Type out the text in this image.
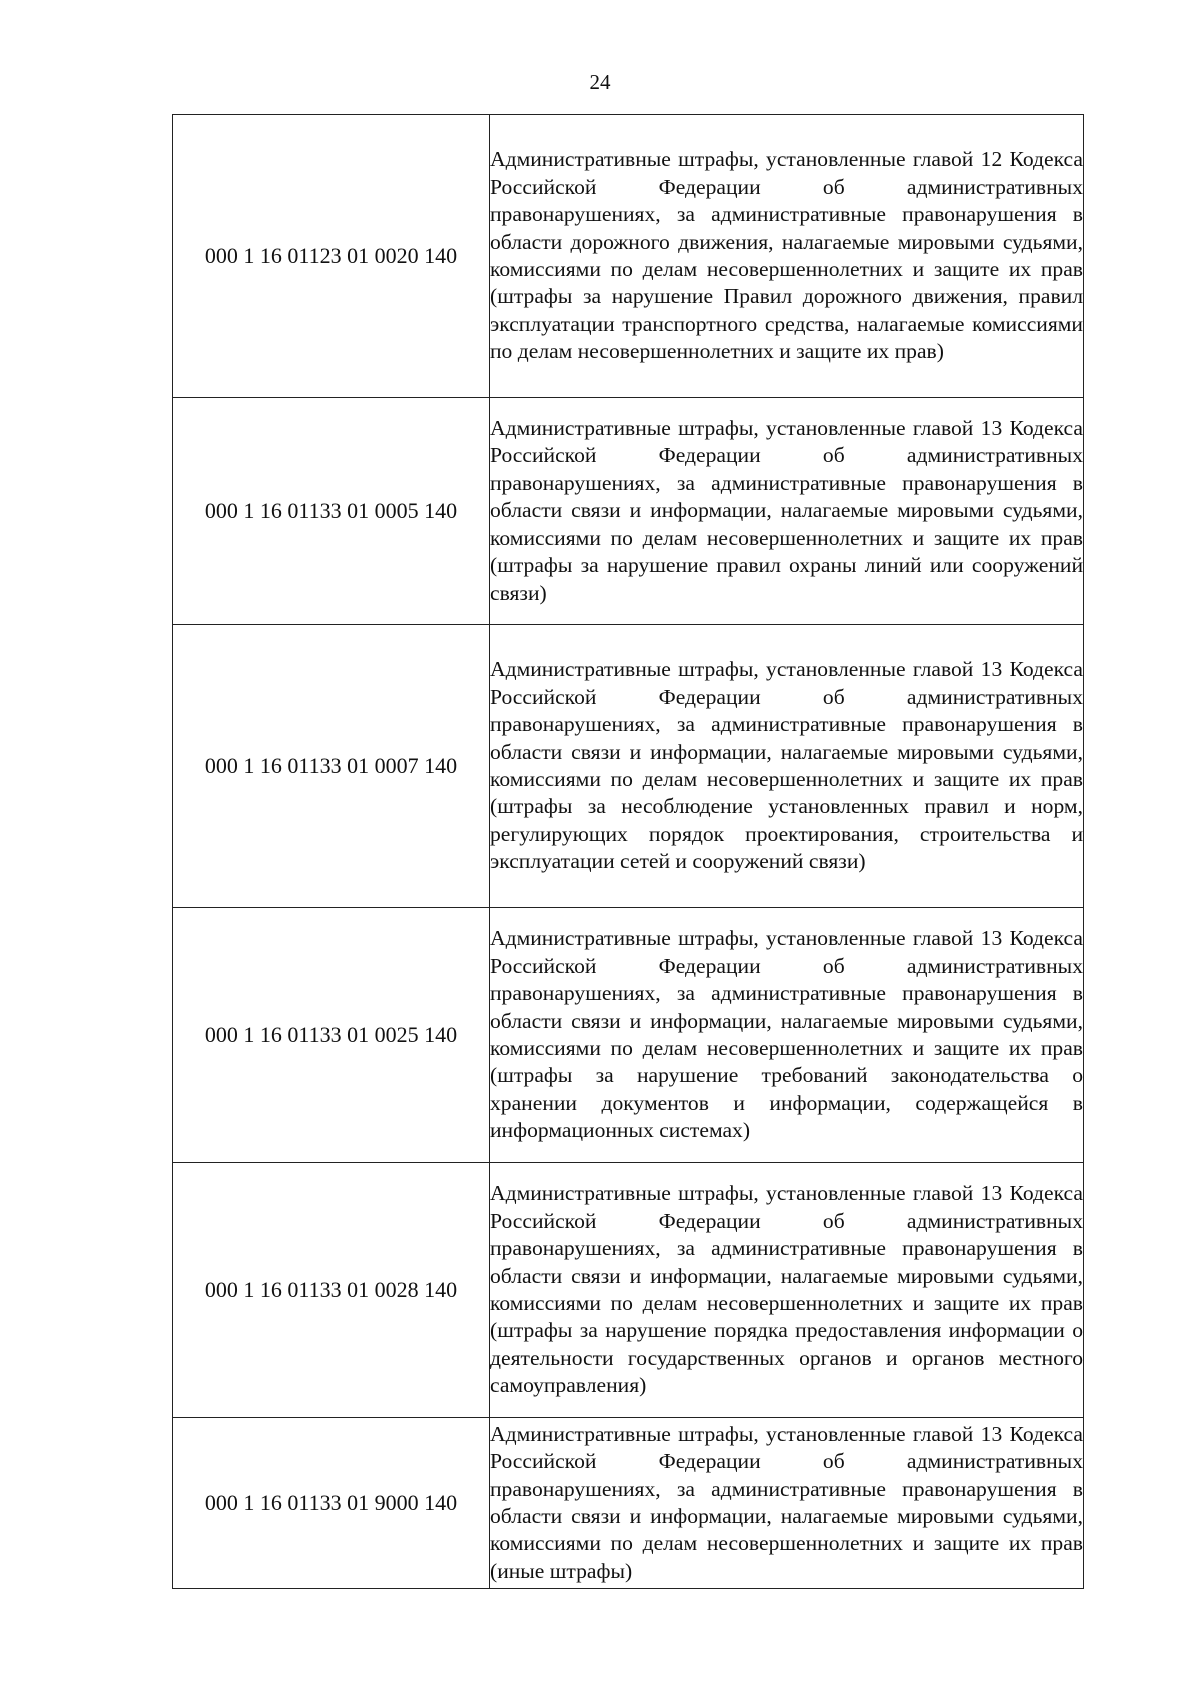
24
000 1 16 01123 01 0020 140	Административные штрафы, установленные главой 12 Кодекса Российской Федерации об административных правонарушениях, за административные правонарушения в области дорожного движения, налагаемые мировыми судьями, комиссиями по делам несовершеннолетних и защите их прав (штрафы за нарушение Правил дорожного движения, правил эксплуатации транспортного средства, налагаемые комиссиями по делам несовершеннолетних и защите их прав)
000 1 16 01133 01 0005 140	Административные штрафы, установленные главой 13 Кодекса Российской Федерации об административных правонарушениях, за административные правонарушения в области связи и информации, налагаемые мировыми судьями, комиссиями по делам несовершеннолетних и защите их прав (штрафы за нарушение правил охраны линий или сооружений связи)
000 1 16 01133 01 0007 140	Административные штрафы, установленные главой 13 Кодекса Российской Федерации об административных правонарушениях, за административные правонарушения в области связи и информации, налагаемые мировыми судьями, комиссиями по делам несовершеннолетних и защите их прав (штрафы за несоблюдение установленных правил и норм, регулирующих порядок проектирования, строительства и эксплуатации сетей и сооружений связи)
000 1 16 01133 01 0025 140	Административные штрафы, установленные главой 13 Кодекса Российской Федерации об административных правонарушениях, за административные правонарушения в области связи и информации, налагаемые мировыми судьями, комиссиями по делам несовершеннолетних и защите их прав (штрафы за нарушение требований законодательства о хранении документов и информации, содержащейся в информационных системах)
000 1 16 01133 01 0028 140	Административные штрафы, установленные главой 13 Кодекса Российской Федерации об административных правонарушениях, за административные правонарушения в области связи и информации, налагаемые мировыми судьями, комиссиями по делам несовершеннолетних и защите их прав (штрафы за нарушение порядка предоставления информации о деятельности государственных органов и органов местного самоуправления)
000 1 16 01133 01 9000 140	Административные штрафы, установленные главой 13 Кодекса Российской Федерации об административных правонарушениях, за административные правонарушения в области связи и информации, налагаемые мировыми судьями, комиссиями по делам несовершеннолетних и защите их прав (иные штрафы)
